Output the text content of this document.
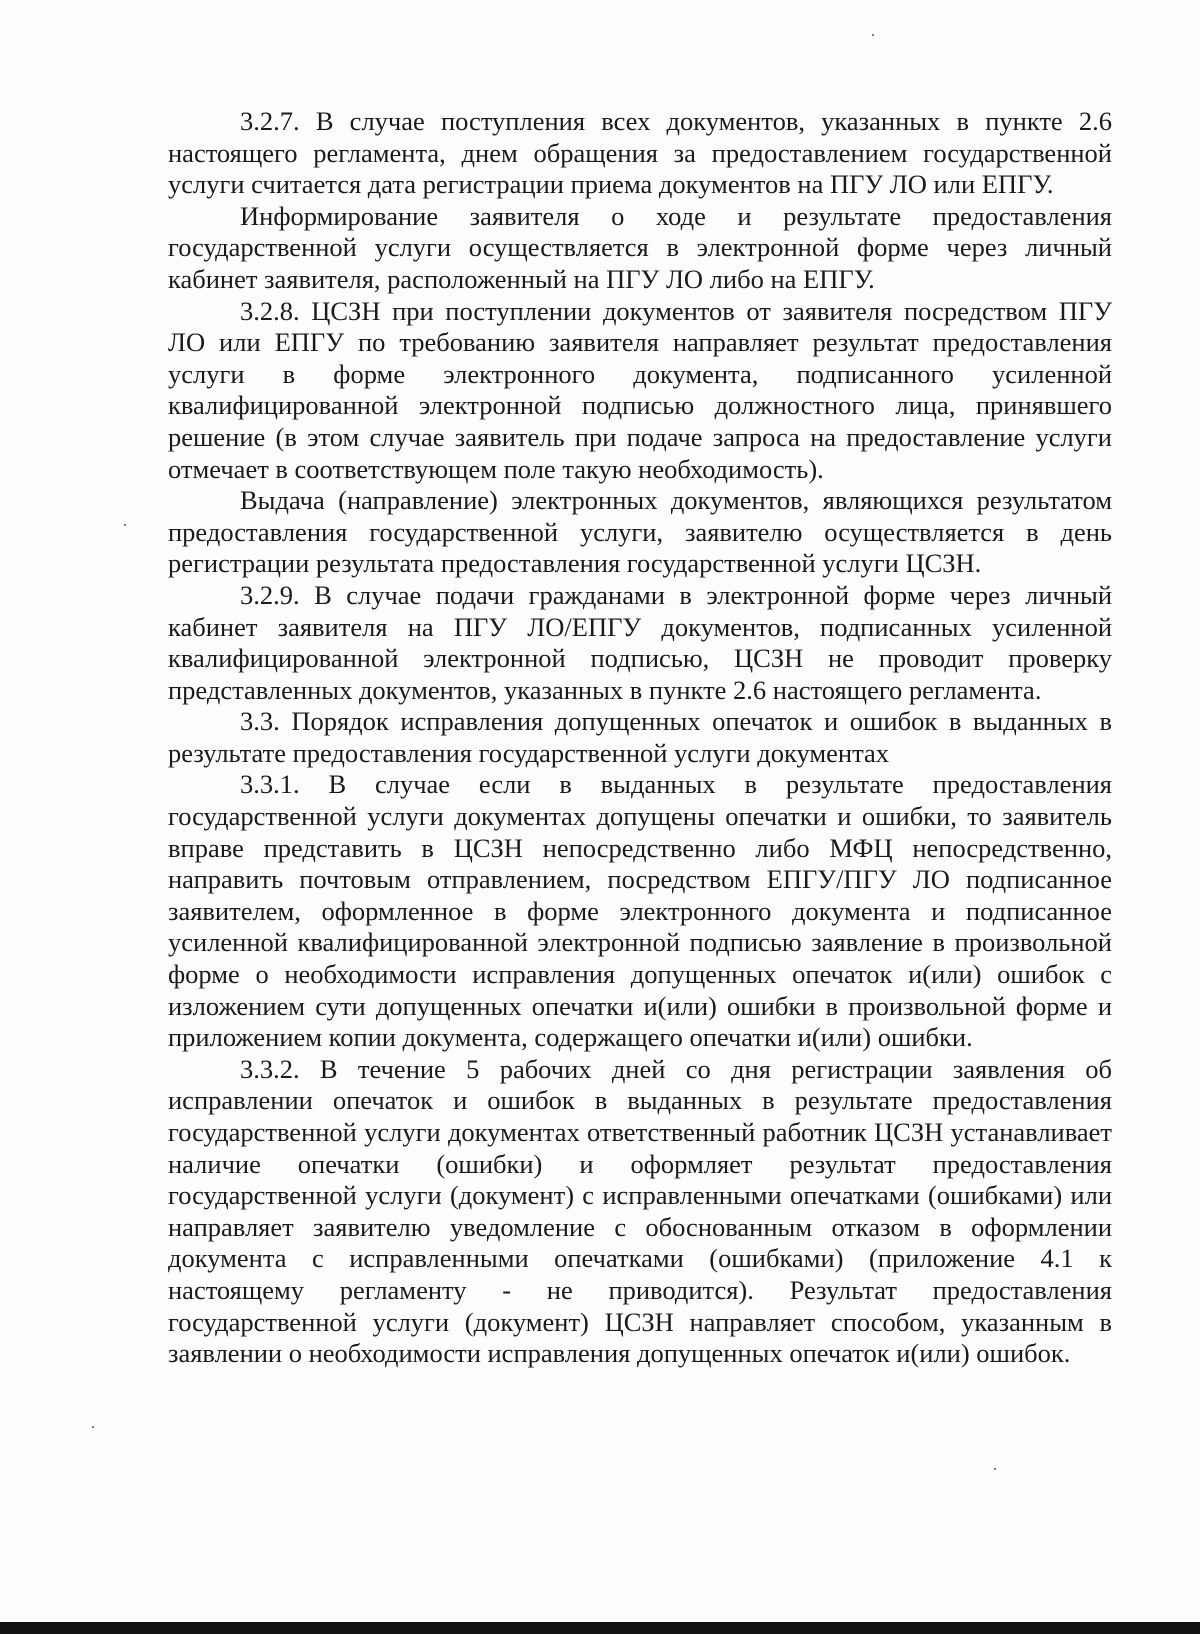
3.2.7. В случае поступления всех документов, указанных в пункте 2.6 настоящего регламента, днем обращения за предоставлением государственной услуги считается дата регистрации приема документов на ПГУ ЛО или ЕПГУ.

Информирование заявителя о ходе и результате предоставления государственной услуги осуществляется в электронной форме через личный кабинет заявителя, расположенный на ПГУ ЛО либо на ЕПГУ.

3.2.8. ЦСЗН при поступлении документов от заявителя посредством ПГУ ЛО или ЕПГУ по требованию заявителя направляет результат предоставления услуги в форме электронного документа, подписанного усиленной квалифицированной электронной подписью должностного лица, принявшего решение (в этом случае заявитель при подаче запроса на предоставление услуги отмечает в соответствующем поле такую необходимость).

Выдача (направление) электронных документов, являющихся результатом предоставления государственной услуги, заявителю осуществляется в день регистрации результата предоставления государственной услуги ЦСЗН.

3.2.9. В случае подачи гражданами в электронной форме через личный кабинет заявителя на ПГУ ЛО/ЕПГУ документов, подписанных усиленной квалифицированной электронной подписью, ЦСЗН не проводит проверку представленных документов, указанных в пункте 2.6 настоящего регламента.

3.3. Порядок исправления допущенных опечаток и ошибок в выданных в результате предоставления государственной услуги документах

3.3.1. В случае если в выданных в результате предоставления государственной услуги документах допущены опечатки и ошибки, то заявитель вправе представить в ЦСЗН непосредственно либо МФЦ непосредственно, направить почтовым отправлением, посредством ЕПГУ/ПГУ ЛО подписанное заявителем, оформленное в форме электронного документа и подписанное усиленной квалифицированной электронной подписью заявление в произвольной форме о необходимости исправления допущенных опечаток и(или) ошибок с изложением сути допущенных опечатки и(или) ошибки в произвольной форме и приложением копии документа, содержащего опечатки и(или) ошибки.

3.3.2. В течение 5 рабочих дней со дня регистрации заявления об исправлении опечаток и ошибок в выданных в результате предоставления государственной услуги документах ответственный работник ЦСЗН устанавливает наличие опечатки (ошибки) и оформляет результат предоставления государственной услуги (документ) с исправленными опечатками (ошибками) или направляет заявителю уведомление с обоснованным отказом в оформлении документа с исправленными опечатками (ошибками) (приложение 4.1 к настоящему регламенту - не приводится). Результат предоставления государственной услуги (документ) ЦСЗН направляет способом, указанным в заявлении о необходимости исправления допущенных опечаток и(или) ошибок.
